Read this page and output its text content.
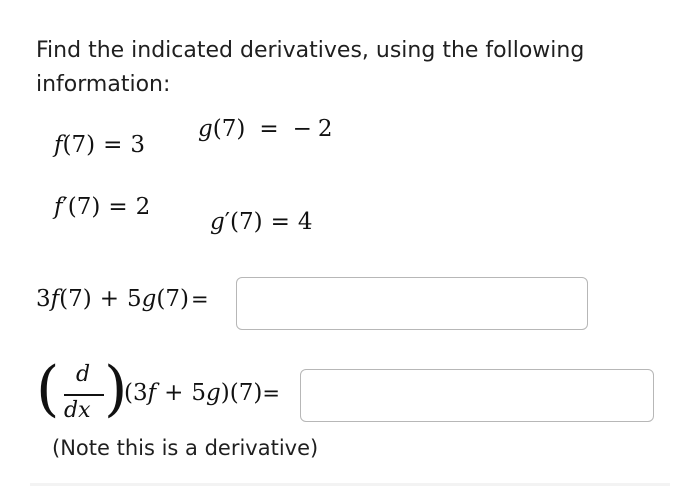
Find the indicated derivatives, using the following
information:

f(7) = 3
g(7) = − 2
f′(7) = 2
g′(7) = 4
3f(7) + 5g(7)=
( d
dx )
(3f + 5g)(7)=
(Note this is a derivative)
